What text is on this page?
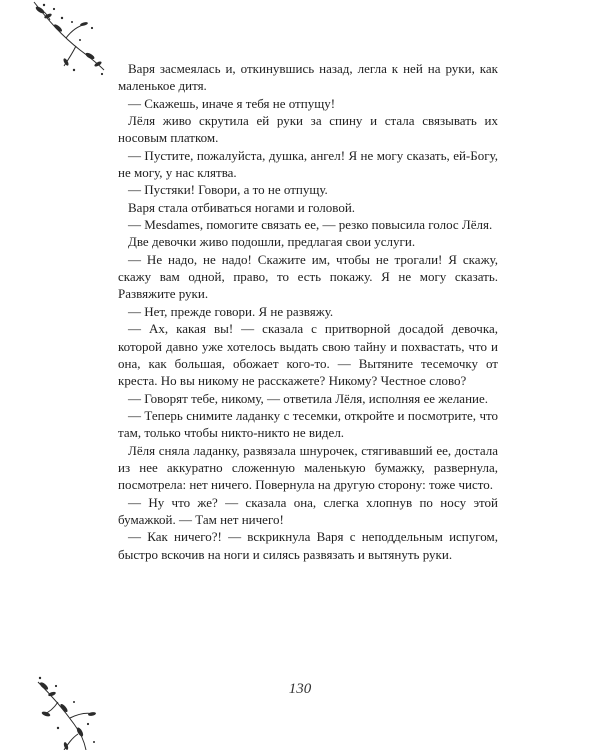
Варя засмеялась и, откинувшись назад, легла к ней на руки, как маленькое дитя.

— Скажешь, иначе я тебя не отпущу!

Лёля живо скрутила ей руки за спину и стала связывать их носовым платком.

— Пустите, пожалуйста, душка, ангел! Я не могу сказать, ей-Богу, не могу, у нас клятва.

— Пустяки! Говори, а то не отпущу.

Варя стала отбиваться ногами и головой.

— Mesdames, помогите связать ее, — резко повысила голос Лёля.

Две девочки живо подошли, предлагая свои услуги.

— Не надо, не надо! Скажите им, чтобы не трогали! Я скажу, скажу вам одной, право, то есть покажу. Я не могу сказать. Развяжите руки.

— Нет, прежде говори. Я не развяжу.

— Ах, какая вы! — сказала с притворной досадой девочка, которой давно уже хотелось выдать свою тайну и похвастать, что и она, как большая, обожает кого-то. — Вытяните тесемочку от креста. Но вы никому не расскажете? Никому? Честное слово?

— Говорят тебе, никому, — ответила Лёля, исполняя ее желание.

— Теперь снимите ладанку с тесемки, откройте и посмотрите, что там, только чтобы никто-никто не видел.

Лёля сняла ладанку, развязала шнурочек, стягивавший ее, достала из нее аккуратно сложенную маленькую бумажку, развернула, посмотрела: нет ничего. Повернула на другую сторону: тоже чисто.

— Ну что же? — сказала она, слегка хлопнув по носу этой бумажкой. — Там нет ничего!

— Как ничего?! — вскрикнула Варя с неподдельным испугом, быстро вскочив на ноги и силясь развязать и вытянуть руки.

130
